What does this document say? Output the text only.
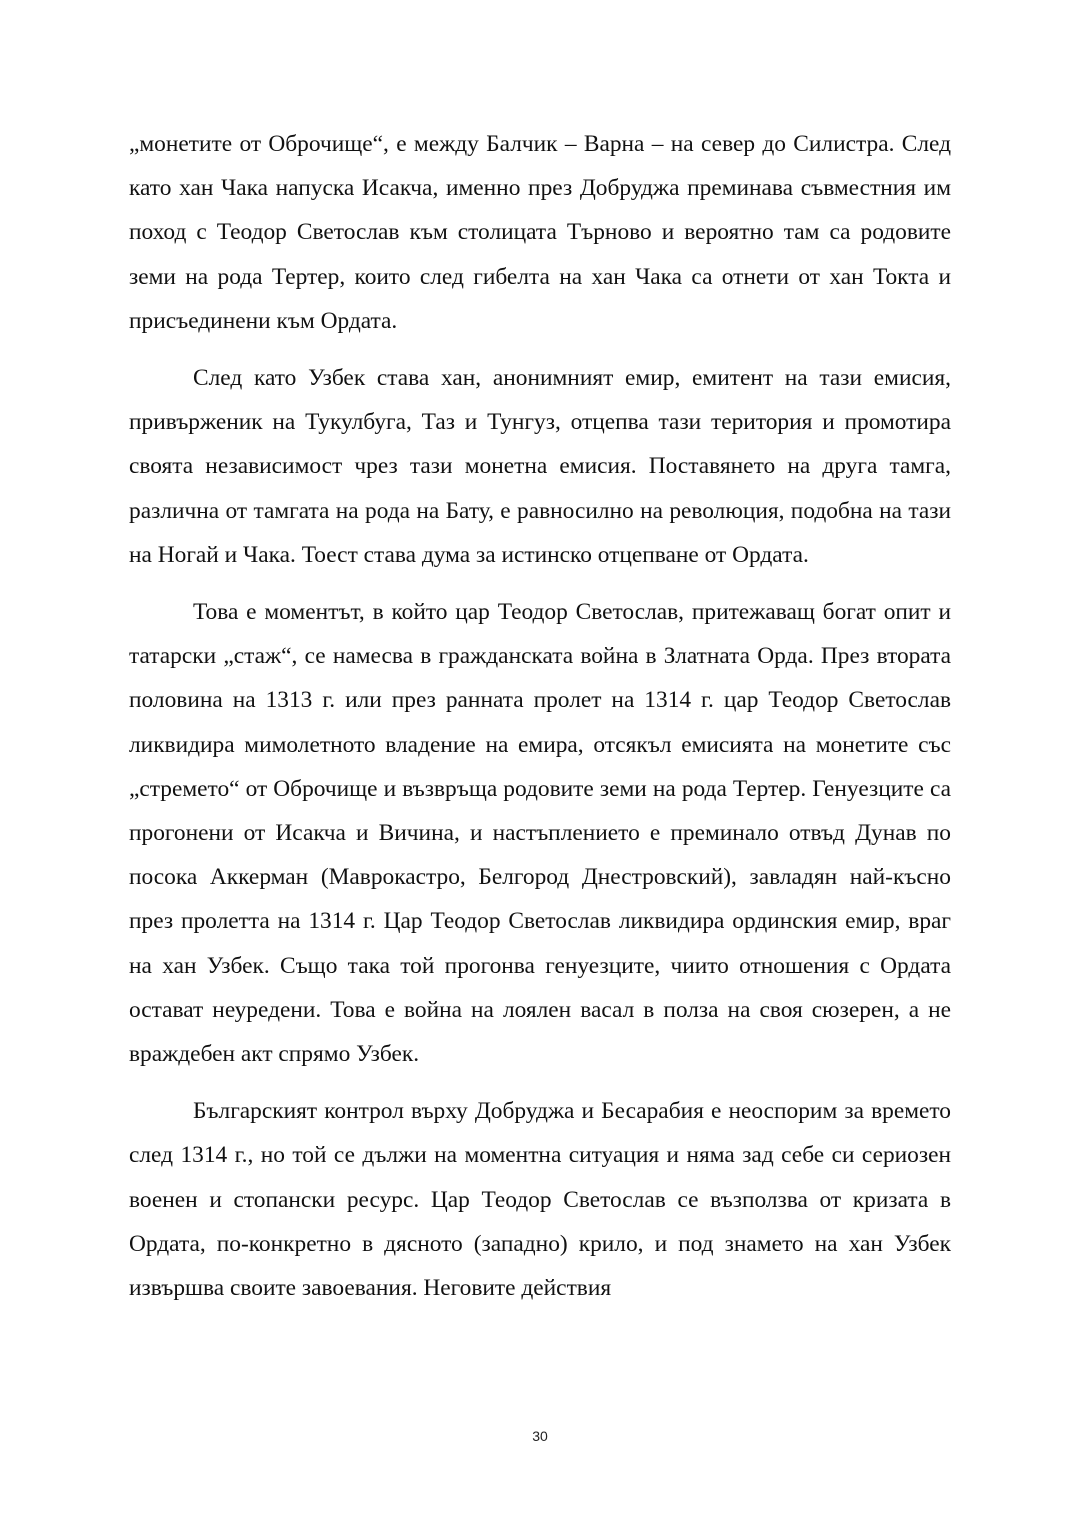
„монетите от Оброчище“, е между Балчик – Варна – на север до Силистра. След като хан Чака напуска Исакча, именно през Добруджа преминава съвместния им поход с Теодор Светослав към столицата Търново и вероятно там са родовите земи на рода Тертер, които след гибелта на хан Чака са отнети от хан Токта и присъединени към Ордата.

След като Узбек става хан, анонимният емир, емитент на тази емисия, привърженик на Тукулбуга, Таз и Тунгуз, отцепва тази територия и промотира своята независимост чрез тази монетна емисия. Поставянето на друга тамга, различна от тамгата на рода на Бату, е равносилно на революция, подобна на тази на Ногай и Чака. Тоест става дума за истинско отцепване от Ордата.

Това е моментът, в който цар Теодор Светослав, притежаващ богат опит и татарски „стаж“, се намесва в гражданската война в Златната Орда. През втората половина на 1313 г. или през ранната пролет на 1314 г. цар Теодор Светослав ликвидира мимолетното владение на емира, отсякъл емисията на монетите със „стремето“ от Оброчище и възвръща родовите земи на рода Тертер. Генуезците са прогонени от Исакча и Вичина, и настъплението е преминало отвъд Дунав по посока Аккерман (Маврокастро, Белгород Днестровский), завладян най-късно през пролетта на 1314 г. Цар Теодор Светослав ликвидира ординския емир, враг на хан Узбек. Също така той прогонва генуезците, чиито отношения с Ордата остават неуредени. Това е война на лоялен васал в полза на своя сюзерен, а не враждебен акт спрямо Узбек.

Българският контрол върху Добруджа и Бесарабия е неоспорим за времето след 1314 г., но той се дължи на моментна ситуация и няма зад себе си сериозен военен и стопански ресурс. Цар Теодор Светослав се възползва от кризата в Ордата, по-конкретно в дясното (западно) крило, и под знамето на хан Узбек извършва своите завоевания. Неговите действия

30
